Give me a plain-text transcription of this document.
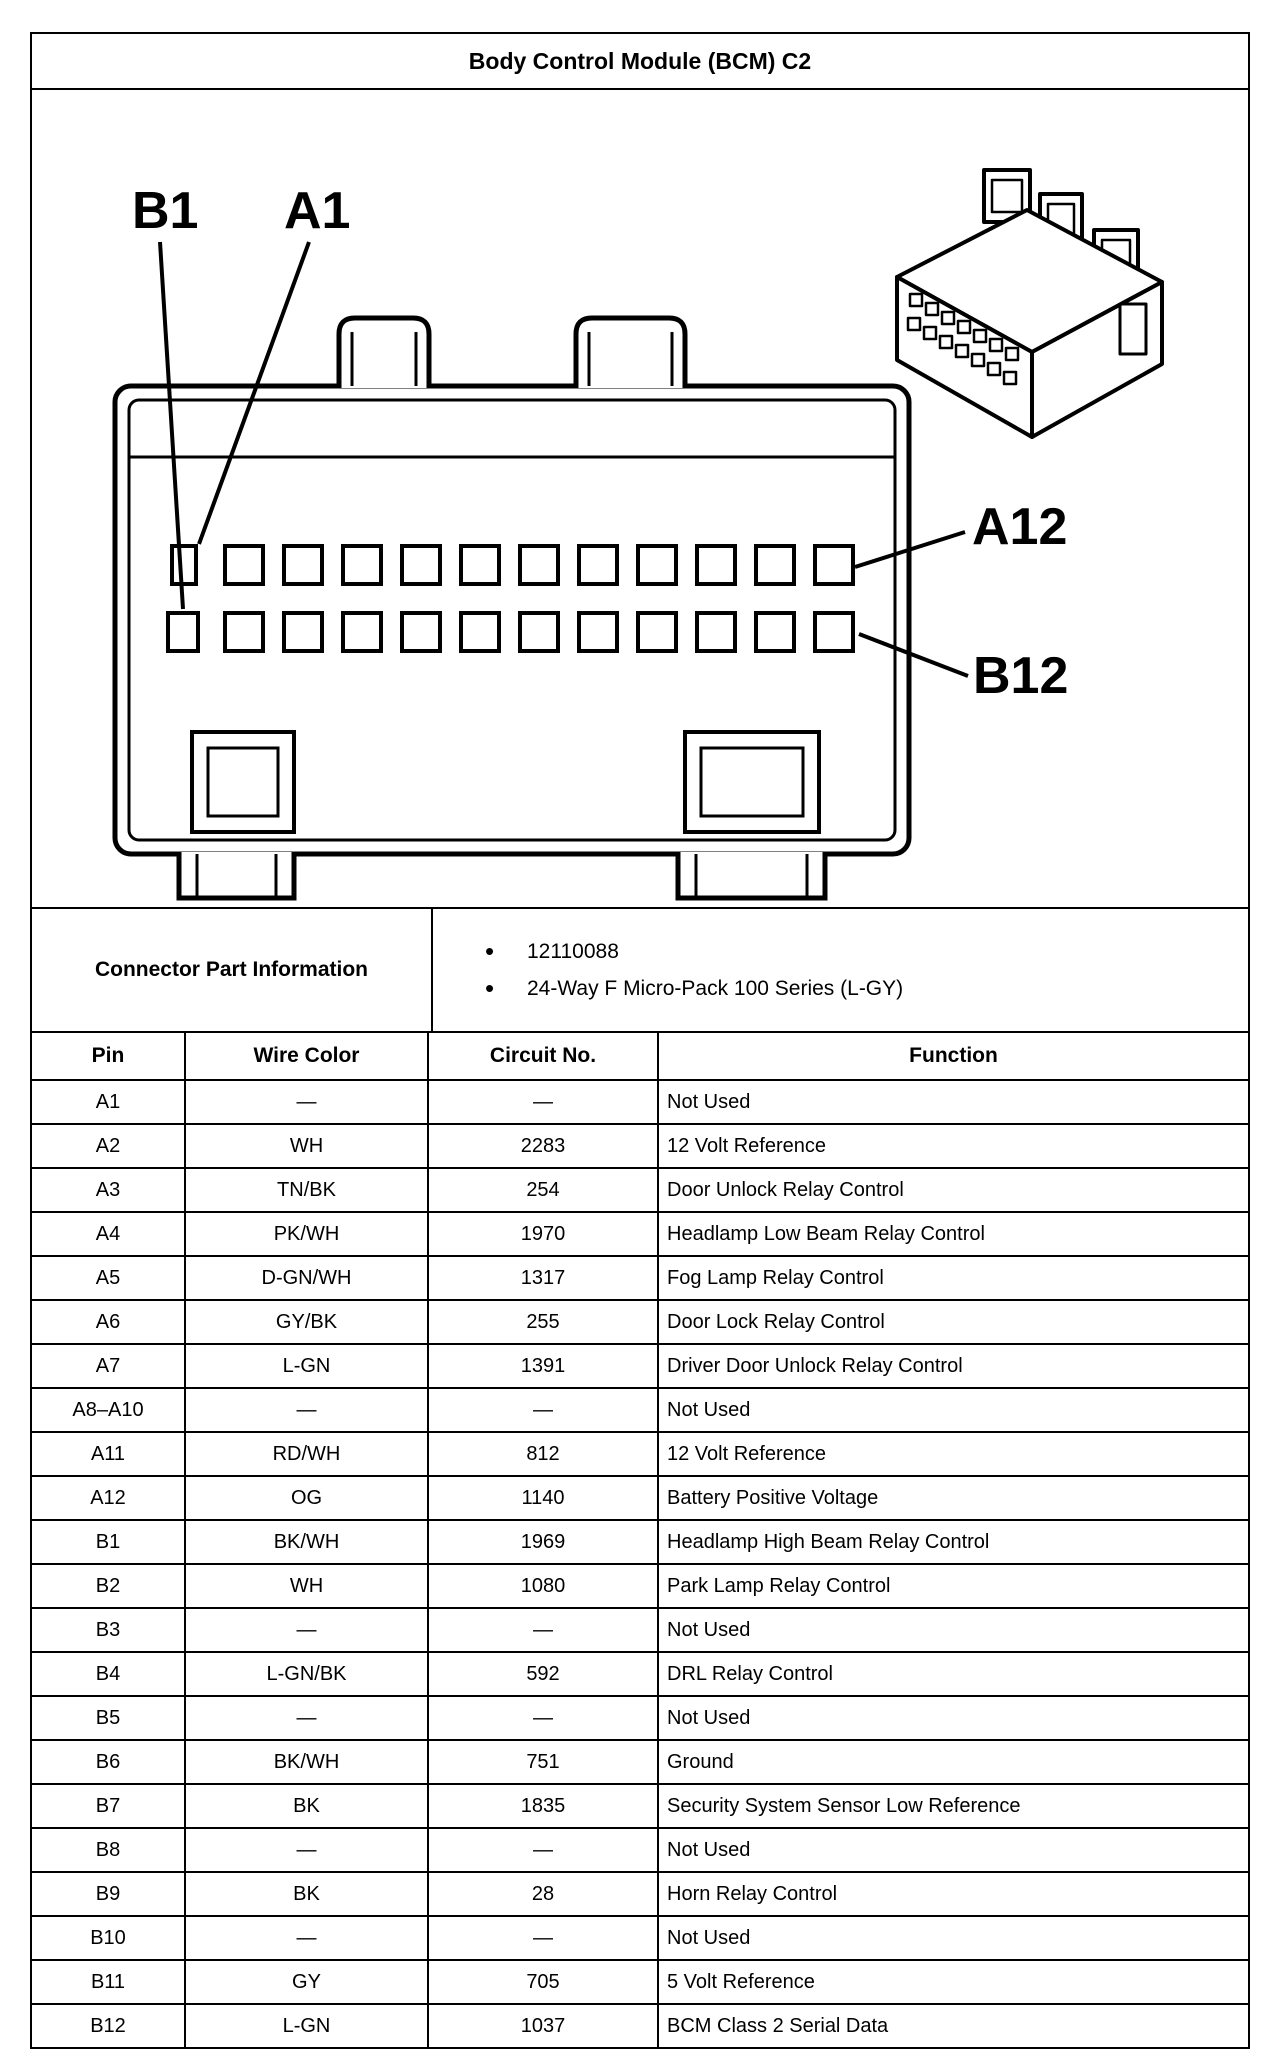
Body Control Module (BCM) C2
B1 A1
A12
B12
Connector Part Information
• 12110088
• 24-Way F Micro-Pack 100 Series (L-GY)
Pin	Wire Color	Circuit No.	Function
A1	—	—	Not Used
A2	WH	2283	12 Volt Reference
A3	TN/BK	254	Door Unlock Relay Control
A4	PK/WH	1970	Headlamp Low Beam Relay Control
A5	D-GN/WH	1317	Fog Lamp Relay Control
A6	GY/BK	255	Door Lock Relay Control
A7	L-GN	1391	Driver Door Unlock Relay Control
A8–A10	—	—	Not Used
A11	RD/WH	812	12 Volt Reference
A12	OG	1140	Battery Positive Voltage
B1	BK/WH	1969	Headlamp High Beam Relay Control
B2	WH	1080	Park Lamp Relay Control
B3	—	—	Not Used
B4	L-GN/BK	592	DRL Relay Control
B5	—	—	Not Used
B6	BK/WH	751	Ground
B7	BK	1835	Security System Sensor Low Reference
B8	—	—	Not Used
B9	BK	28	Horn Relay Control
B10	—	—	Not Used
B11	GY	705	5 Volt Reference
B12	L-GN	1037	BCM Class 2 Serial Data
